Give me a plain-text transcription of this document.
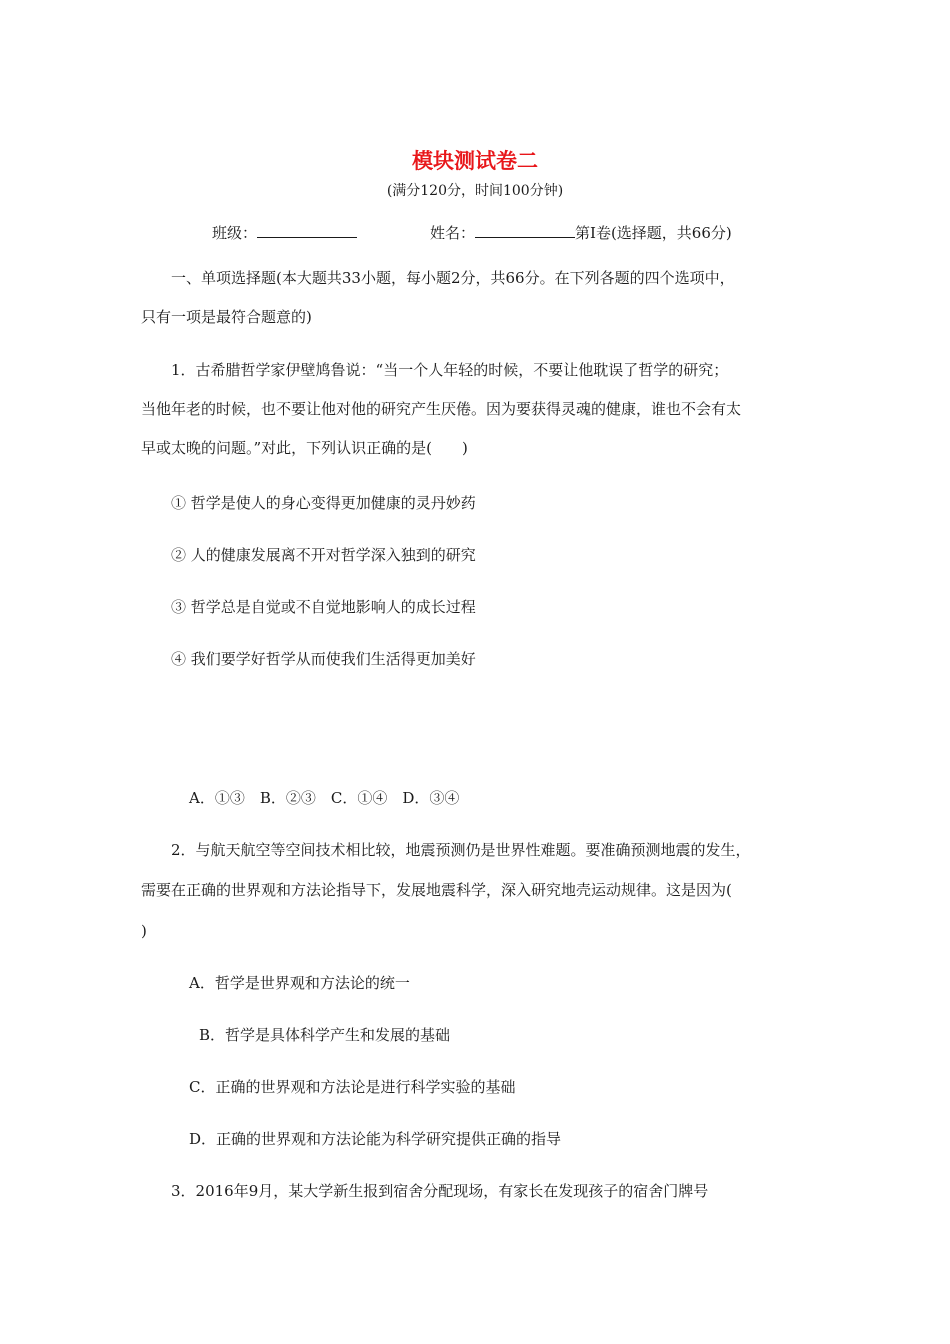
模块测试卷二
(满分120分，时间100分钟)
班级：	姓名：	第Ⅰ卷(选择题，共66分)
一、单项选择题(本大题共33小题，每小题2分，共66分。在下列各题的四个选项中，
只有一项是最符合题意的)
1．古希腊哲学家伊壁鸠鲁说：“当一个人年轻的时候，不要让他耽误了哲学的研究；
当他年老的时候，也不要让他对他的研究产生厌倦。因为要获得灵魂的健康，谁也不会有太
早或太晚的问题。”对此，下列认识正确的是( )
① 哲学是使人的身心变得更加健康的灵丹妙药
② 人的健康发展离不开对哲学深入独到的研究
③ 哲学总是自觉或不自觉地影响人的成长过程
④ 我们要学好哲学从而使我们生活得更加美好
A．①③　B．②③　C．①④　D．③④
2．与航天航空等空间技术相比较，地震预测仍是世界性难题。要准确预测地震的发生，
需要在正确的世界观和方法论指导下，发展地震科学，深入研究地壳运动规律。这是因为(
)
A．哲学是世界观和方法论的统一
B．哲学是具体科学产生和发展的基础
C．正确的世界观和方法论是进行科学实验的基础
D．正确的世界观和方法论能为科学研究提供正确的指导
3．2016年9月，某大学新生报到宿舍分配现场，有家长在发现孩子的宿舍门牌号
